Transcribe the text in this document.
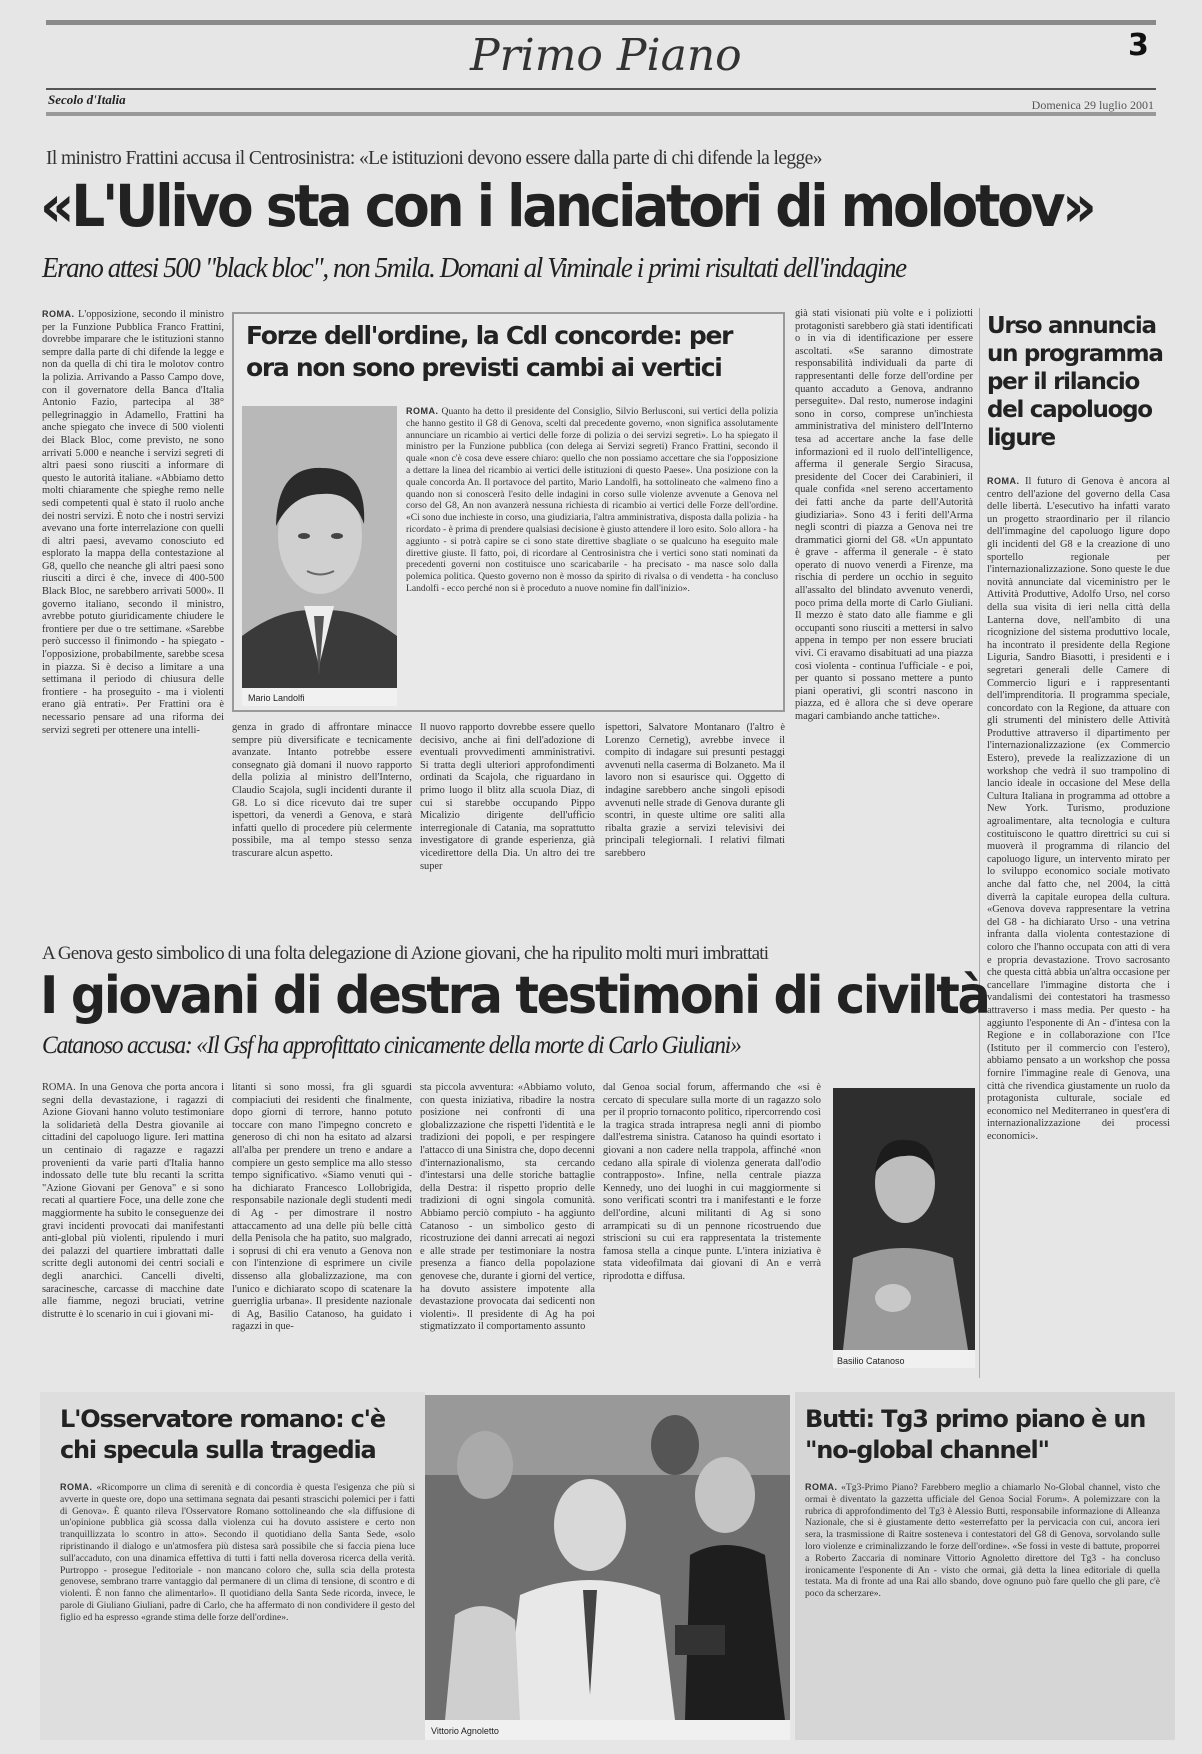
Primo Piano	3
Secolo d'Italia	Domenica 29 luglio 2001
Il ministro Frattini accusa il Centrosinistra: «Le istituzioni devono essere dalla parte di chi difende la legge»
«L'Ulivo sta con i lanciatori di molotov»
Erano attesi 500 "black bloc", non 5mila. Domani al Viminale i primi risultati dell'indagine
ROMA. L'opposizione, secondo il ministro per la Funzione Pubblica Franco Frattini, dovrebbe imparare che le istituzioni stanno sempre dalla parte di chi difende la legge e non da quella di chi tira le molotov contro la polizia. Arrivando a Passo Campo dove, con il governatore della Banca d'Italia Antonio Fazio, partecipa al 38° pellegrinaggio in Adamello, Frattini ha anche spiegato che invece di 500 violenti dei Black Bloc, come previsto, ne sono arrivati 5.000 e neanche i servizi segreti di altri paesi sono riusciti a informare di questo le autorità italiane. «Abbiamo detto molti chiaramente che spieghe remo nelle sedi competenti qual è stato il ruolo anche dei nostri servizi. È noto che i nostri servizi avevano una forte interrelazione con quelli di altri paesi, avevamo conosciuto ed esplorato la mappa della contestazione al G8, quello che neanche gli altri paesi sono riusciti a dirci è che, invece di 400-500 Black Bloc, ne sarebbero arrivati 5000». Il governo italiano, secondo il ministro, avrebbe potuto giuridicamente chiudere le frontiere per due o tre settimane. «Sarebbe però successo il finimondo - ha spiegato - l'opposizione, probabilmente, sarebbe scesa in piazza. Si è deciso a limitare a una settimana il periodo di chiusura delle frontiere - ha proseguito - ma i violenti erano già entrati». Per Frattini ora è necessario pensare ad una riforma dei servizi segreti per ottenere una intelli-
Forze dell'ordine, la Cdl concorde: per ora non sono previsti cambi ai vertici
Mario Landolfi
ROMA. Quanto ha detto il presidente del Consiglio, Silvio Berlusconi, sui vertici della polizia che hanno gestito il G8 di Genova, scelti dal precedente governo, «non significa assolutamente annunciare un ricambio ai vertici delle forze di polizia o dei servizi segreti». Lo ha spiegato il ministro per la Funzione pubblica (con delega ai Servizi segreti) Franco Frattini, secondo il quale «non c'è cosa deve essere chiaro: quello che non possiamo accettare che sia l'opposizione a dettare la linea del ricambio ai vertici delle istituzioni di questo Paese». Una posizione con la quale concorda An. Il portavoce del partito, Mario Landolfi, ha sottolineato che «almeno fino a quando non si conoscerà l'esito delle indagini in corso sulle violenze avvenute a Genova nel corso del G8, An non avanzerà nessuna richiesta di ricambio ai vertici delle Forze dell'ordine. «Ci sono due inchieste in corso, una giudiziaria, l'altra amministrativa, disposta dalla polizia - ha ricordato - è prima di prendere qualsiasi decisione è giusto attendere il loro esito. Solo allora - ha aggiunto - si potrà capire se ci sono state direttive sbagliate o se qualcuno ha eseguito male direttive giuste. Il fatto, poi, di ricordare al Centrosinistra che i vertici sono stati nominati da precedenti governi non costituisce uno scaricabarile - ha precisato - ma nasce solo dalla polemica politica. Questo governo non è mosso da spirito di rivalsa o di vendetta - ha concluso Landolfi - ecco perché non si è proceduto a nuove nomine fin dall'inizio».
genza in grado di affrontare minacce sempre più diversificate e tecnicamente avanzate. Intanto potrebbe essere consegnato già domani il nuovo rapporto della polizia al ministro dell'Interno, Claudio Scajola, sugli incidenti durante il G8. Lo si dice ricevuto dai tre super ispettori, da venerdì a Genova, e starà infatti quello di procedere più celermente possibile, ma al tempo stesso senza trascurare alcun aspetto.
Il nuovo rapporto dovrebbe essere quello decisivo, anche ai fini dell'adozione di eventuali provvedimenti amministrativi. Si tratta degli ulteriori approfondimenti ordinati da Scajola, che riguardano in primo luogo il blitz alla scuola Diaz, di cui si starebbe occupando Pippo Micalizio dirigente dell'ufficio interregionale di Catania, ma soprattutto investigatore di grande esperienza, già vicedirettore della Dia. Un altro dei tre super
ispettori, Salvatore Montanaro (l'altro è Lorenzo Cernetig), avrebbe invece il compito di indagare sui presunti pestaggi avvenuti nella caserma di Bolzaneto. Ma il lavoro non si esaurisce qui. Oggetto di indagine sarebbero anche singoli episodi avvenuti nelle strade di Genova durante gli scontri, in queste ultime ore saliti alla ribalta grazie a servizi televisivi dei principali telegiornali. I relativi filmati sarebbero
già stati visionati più volte e i poliziotti protagonisti sarebbero già stati identificati o in via di identificazione per essere ascoltati. «Se saranno dimostrate responsabilità individuali da parte di rappresentanti delle forze dell'ordine per quanto accaduto a Genova, andranno perseguite». Dal resto, numerose indagini sono in corso, comprese un'inchiesta amministrativa del ministero dell'Interno tesa ad accertare anche la fase delle informazioni ed il ruolo dell'intelligence, afferma il generale Sergio Siracusa, presidente del Cocer dei Carabinieri, il quale confida «nel sereno accertamento dei fatti anche da parte dell'Autorità giudiziaria». Sono 43 i feriti dell'Arma negli scontri di piazza a Genova nei tre drammatici giorni del G8. «Un appuntato è grave - afferma il generale - è stato operato di nuovo venerdì a Firenze, ma rischia di perdere un occhio in seguito all'assalto del blindato avvenuto venerdì, poco prima della morte di Carlo Giuliani. Il mezzo è stato dato alle fiamme e gli occupanti sono riusciti a mettersi in salvo appena in tempo per non essere bruciati vivi. Ci eravamo disabituati ad una piazza così violenta - continua l'ufficiale - e poi, per quanto si possano mettere a punto piani operativi, gli scontri nascono in piazza, ed è allora che si deve operare magari cambiando anche tattiche».
Urso annuncia un programma per il rilancio del capoluogo ligure
ROMA. Il futuro di Genova è ancora al centro dell'azione del governo della Casa delle libertà. L'esecutivo ha infatti varato un progetto straordinario per il rilancio dell'immagine del capoluogo ligure dopo gli incidenti del G8 e la creazione di uno sportello regionale per l'internazionalizzazione. Sono queste le due novità annunciate dal viceministro per le Attività Produttive, Adolfo Urso, nel corso della sua visita di ieri nella città della Lanterna dove, nell'ambito di una ricognizione del sistema produttivo locale, ha incontrato il presidente della Regione Liguria, Sandro Biasotti, i presidenti e i segretari generali delle Camere di Commercio liguri e i rappresentanti dell'imprenditoria. Il programma speciale, concordato con la Regione, da attuare con gli strumenti del ministero delle Attività Produttive attraverso il dipartimento per l'internazionalizzazione (ex Commercio Estero), prevede la realizzazione di un workshop che vedrà il suo trampolino di lancio ideale in occasione del Mese della Cultura Italiana in programma ad ottobre a New York. Turismo, produzione agroalimentare, alta tecnologia e cultura costituiscono le quattro direttrici su cui si muoverà il programma di rilancio del capoluogo ligure, un intervento mirato per lo sviluppo economico sociale motivato anche dal fatto che, nel 2004, la città diverrà la capitale europea della cultura. «Genova doveva rappresentare la vetrina del G8 - ha dichiarato Urso - una vetrina infranta dalla violenta contestazione di coloro che l'hanno occupata con atti di vera e propria devastazione. Trovo sacrosanto che questa città abbia un'altra occasione per cancellare l'immagine distorta che i vandalismi dei contestatori ha trasmesso attraverso i mass media. Per questo - ha aggiunto l'esponente di An - d'intesa con la Regione e in collaborazione con l'Ice (Istituto per il commercio con l'estero), abbiamo pensato a un workshop che possa fornire l'immagine reale di Genova, una città che rivendica giustamente un ruolo da protagonista culturale, sociale ed economico nel Mediterraneo in quest'era di internazionalizzazione dei processi economici».
A Genova gesto simbolico di una folta delegazione di Azione giovani, che ha ripulito molti muri imbrattati
I giovani di destra testimoni di civiltà
Catanoso accusa: «Il Gsf ha approfittato cinicamente della morte di Carlo Giuliani»
ROMA. In una Genova che porta ancora i segni della devastazione, i ragazzi di Azione Giovani hanno voluto testimoniare la solidarietà della Destra giovanile ai cittadini del capoluogo ligure. Ieri mattina un centinaio di ragazze e ragazzi provenienti da varie parti d'Italia hanno indossato delle tute blu recanti la scritta "Azione Giovani per Genova" e si sono recati al quartiere Foce, una delle zone che maggiormente ha subito le conseguenze dei gravi incidenti provocati dai manifestanti anti-global più violenti, ripulendo i muri dei palazzi del quartiere imbrattati dalle scritte degli autonomi dei centri sociali e degli anarchici. Cancelli divelti, saracinesche, carcasse di macchine date alle fiamme, negozi bruciati, vetrine distrutte è lo scenario in cui i giovani mi-
litanti si sono mossi, fra gli sguardi compiaciuti dei residenti che finalmente, dopo giorni di terrore, hanno potuto toccare con mano l'impegno concreto e generoso di chi non ha esitato ad alzarsi all'alba per prendere un treno e andare a compiere un gesto semplice ma allo stesso tempo significativo. «Siamo venuti qui - ha dichiarato Francesco Lollobrigida, responsabile nazionale degli studenti medi di Ag - per dimostrare il nostro attaccamento ad una delle più belle città della Penisola che ha patito, suo malgrado, i soprusi di chi era venuto a Genova non con l'intenzione di esprimere un civile dissenso alla globalizzazione, ma con l'unico e dichiarato scopo di scatenare la guerriglia urbana». Il presidente nazionale di Ag, Basilio Catanoso, ha guidato i ragazzi in que-
sta piccola avventura: «Abbiamo voluto, con questa iniziativa, ribadire la nostra posizione nei confronti di una globalizzazione che rispetti l'identità e le tradizioni dei popoli, e per respingere l'attacco di una Sinistra che, dopo decenni d'internazionalismo, sta cercando d'intestarsi una delle storiche battaglie della Destra: il rispetto proprio delle tradizioni di ogni singola comunità. Abbiamo perciò compiuto - ha aggiunto Catanoso - un simbolico gesto di ricostruzione dei danni arrecati ai negozi e alle strade per testimoniare la nostra presenza a fianco della popolazione genovese che, durante i giorni del vertice, ha dovuto assistere impotente alla devastazione provocata dai sedicenti non violenti». Il presidente di Ag ha poi stigmatizzato il comportamento assunto
dal Genoa social forum, affermando che «si è cercato di speculare sulla morte di un ragazzo solo per il proprio tornaconto politico, ripercorrendo così la tragica strada intrapresa negli anni di piombo dall'estrema sinistra. Catanoso ha quindi esortato i giovani a non cadere nella trappola, affinché «non cedano alla spirale di violenza generata dall'odio contrapposto». Infine, nella centrale piazza Kennedy, uno dei luoghi in cui maggiormente si sono verificati scontri tra i manifestanti e le forze dell'ordine, alcuni militanti di Ag si sono arrampicati su di un pennone ricostruendo due striscioni su cui era rappresentata la tristemente famosa stella a cinque punte. L'intera iniziativa è stata videofilmata dai giovani di An e verrà riprodotta e diffusa.
Basilio Catanoso
L'Osservatore romano: c'è chi specula sulla tragedia
ROMA. «Ricomporre un clima di serenità e di concordia è questa l'esigenza che più si avverte in queste ore, dopo una settimana segnata dai pesanti strascichi polemici per i fatti di Genova». È quanto rileva l'Osservatore Romano sottolineando che «la diffusione di un'opinione pubblica già scossa dalla violenza cui ha dovuto assistere e certo non tranquillizzata lo scontro in atto». Secondo il quotidiano della Santa Sede, «solo ripristinando il dialogo e un'atmosfera più distesa sarà possibile che si faccia piena luce sull'accaduto, con una dinamica effettiva di tutti i fatti nella doverosa ricerca della verità. Purtroppo - prosegue l'editoriale - non mancano coloro che, sulla scia della protesta genovese, sembrano trarre vantaggio dal permanere di un clima di tensione, di scontro e di violenti. È non fanno che alimentarlo». Il quotidiano della Santa Sede ricorda, invece, le parole di Giuliano Giuliani, padre di Carlo, che ha affermato di non condividere il gesto del figlio ed ha espresso «grande stima delle forze dell'ordine».
Vittorio Agnoletto
Butti: Tg3 primo piano è un "no-global channel"
ROMA. «Tg3-Primo Piano? Farebbero meglio a chiamarlo No-Global channel, visto che ormai è diventato la gazzetta ufficiale del Genoa Social Forum». A polemizzare con la rubrica di approfondimento del Tg3 è Alessio Butti, responsabile informazione di Alleanza Nazionale, che si è giustamente detto «esterrefatto per la pervicacia con cui, ancora ieri sera, la trasmissione di Raitre sosteneva i contestatori del G8 di Genova, sorvolando sulle loro violenze e criminalizzando le forze dell'ordine». «Se fossi in veste di battute, proporrei a Roberto Zaccaria di nominare Vittorio Agnoletto direttore del Tg3 - ha concluso ironicamente l'esponente di An - visto che ormai, già detta la linea editoriale di quella testata. Ma di fronte ad una Rai allo sbando, dove ognuno può fare quello che gli pare, c'è poco da scherzare».
